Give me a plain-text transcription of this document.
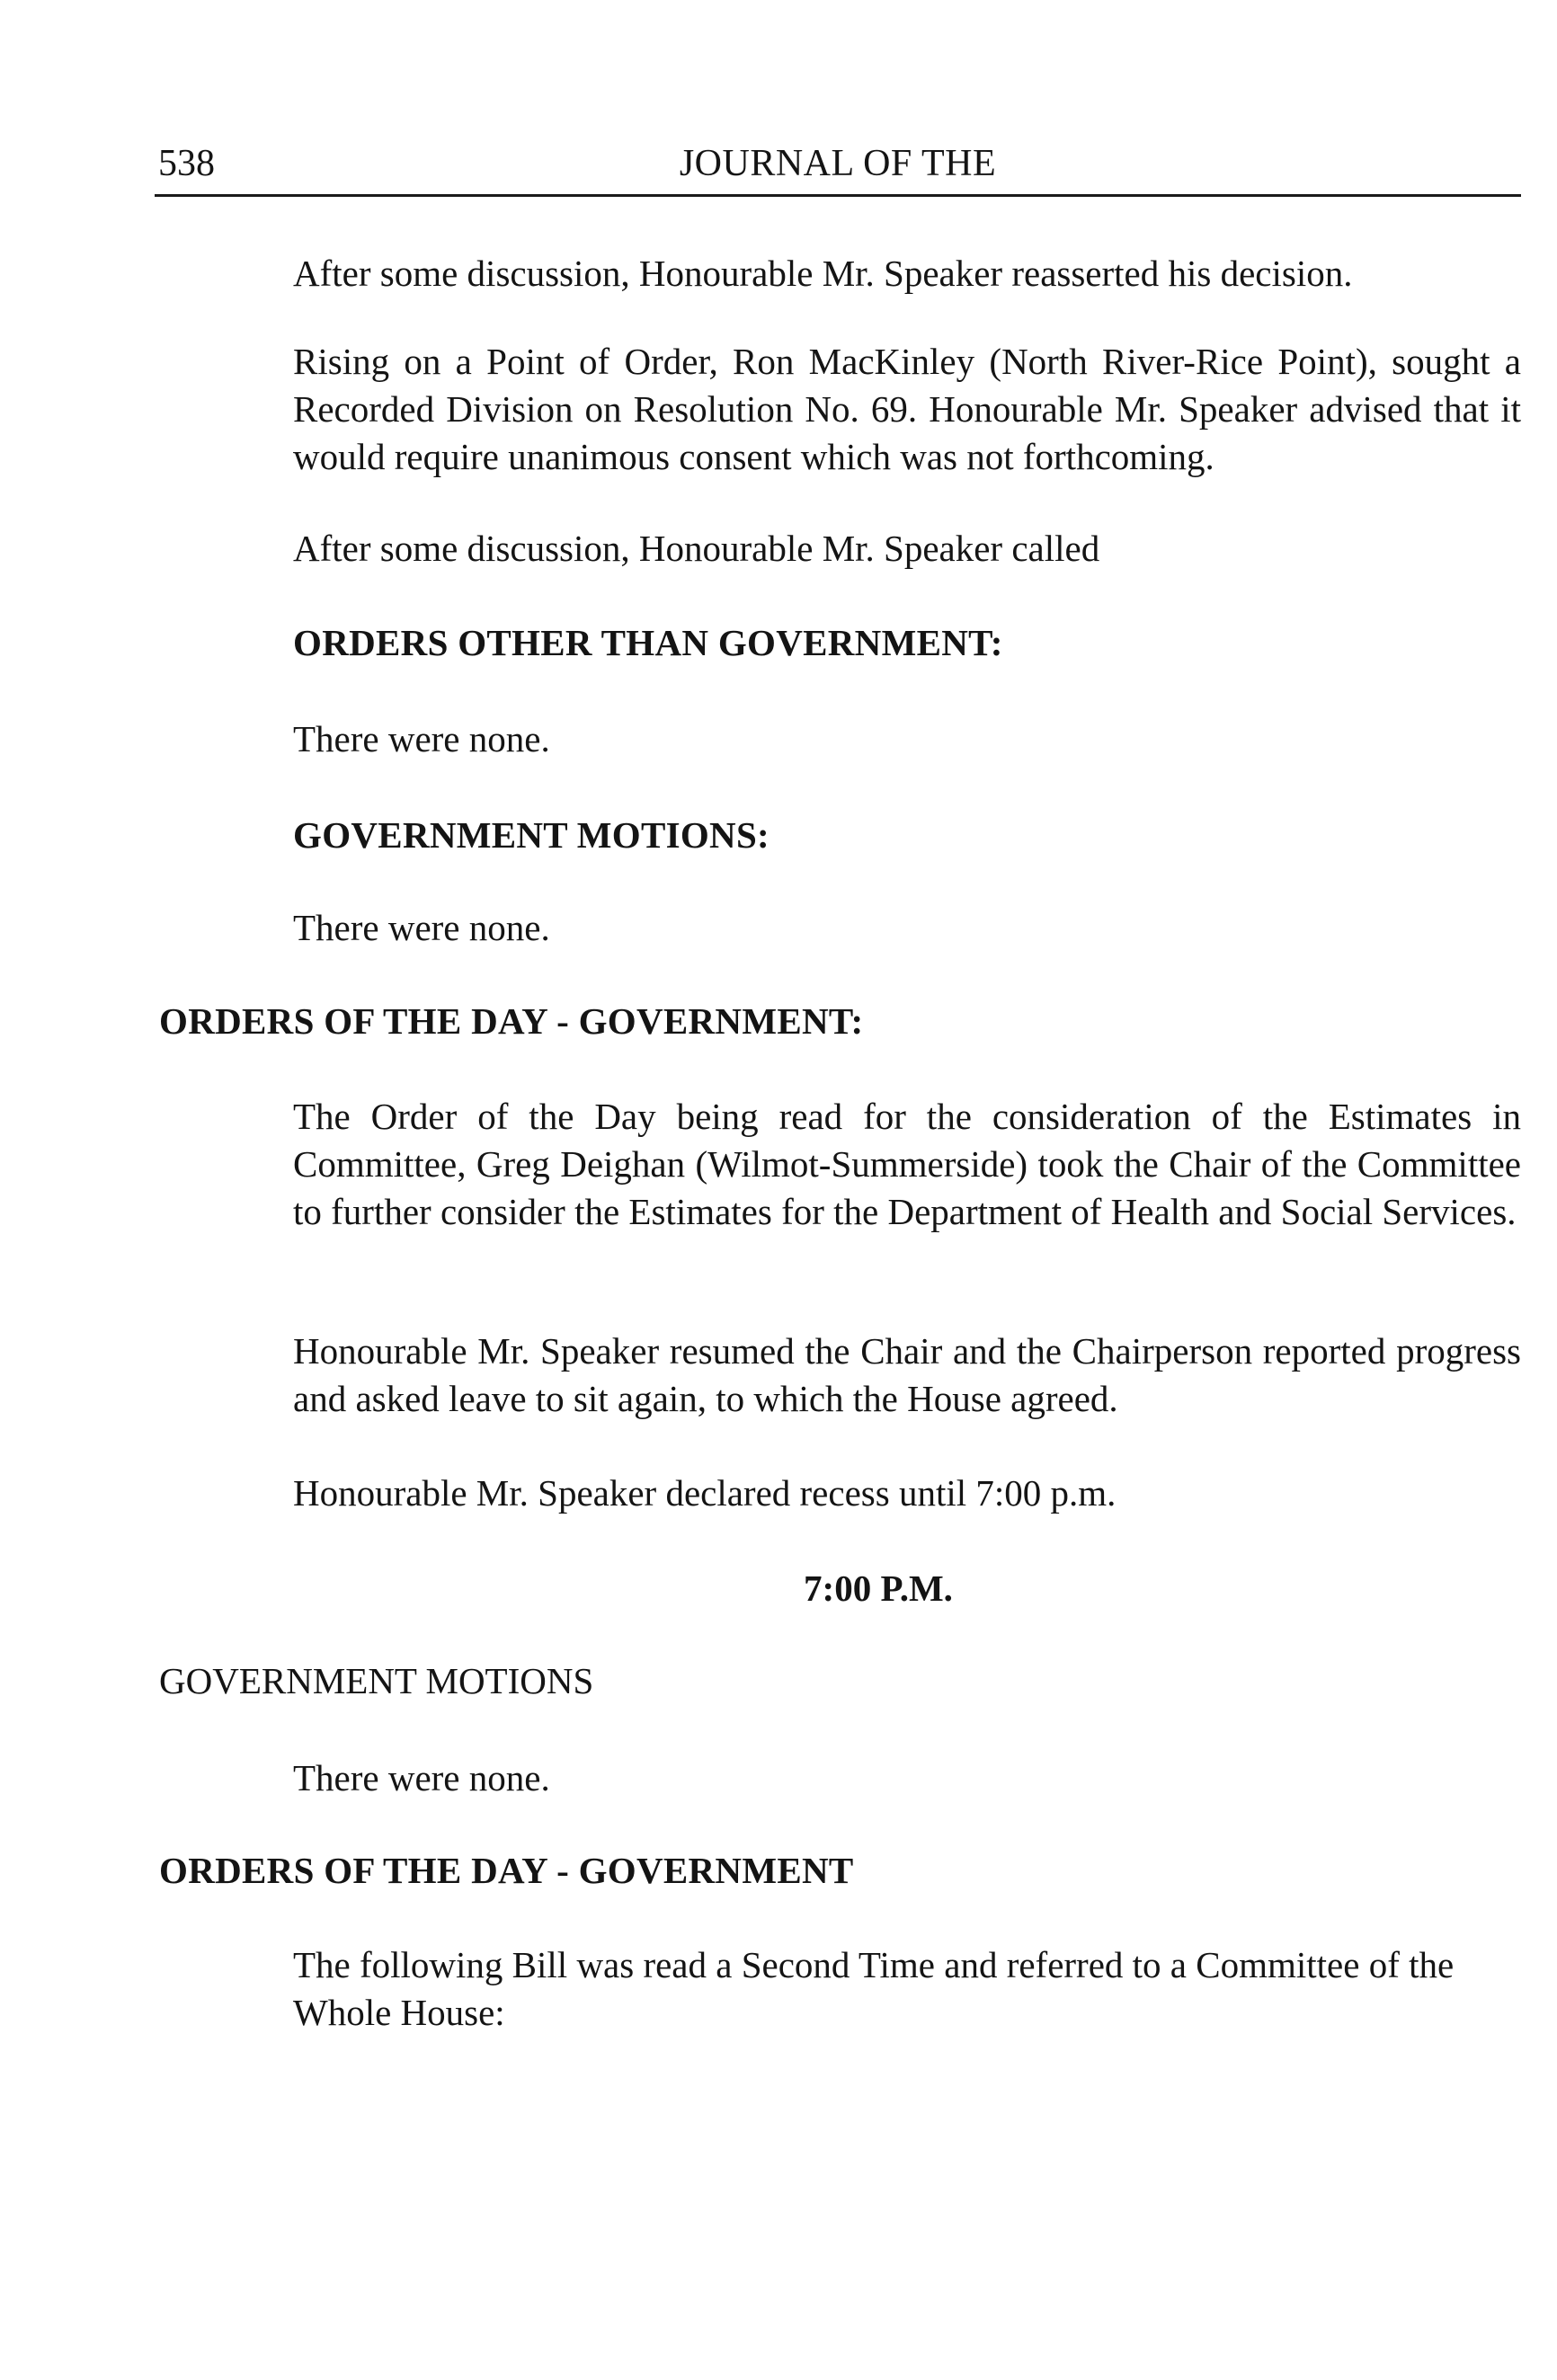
538	JOURNAL OF THE
After some discussion, Honourable Mr. Speaker reasserted his decision.
Rising on a Point of Order, Ron MacKinley (North River-Rice Point), sought a Recorded Division on Resolution No. 69. Honourable Mr. Speaker advised that it would require unanimous consent which was not forthcoming.
After some discussion, Honourable Mr. Speaker called
ORDERS OTHER THAN GOVERNMENT:
There were none.
GOVERNMENT MOTIONS:
There were none.
ORDERS OF THE DAY - GOVERNMENT:
The Order of the Day being read for the consideration of the Estimates in Committee, Greg Deighan (Wilmot-Summerside) took the Chair of the Committee to further consider the Estimates for the Department of Health and Social Services.
Honourable Mr. Speaker resumed the Chair and the Chairperson reported progress and asked leave to sit again, to which the House agreed.
Honourable Mr. Speaker declared recess until 7:00 p.m.
7:00 P.M.
GOVERNMENT MOTIONS
There were none.
ORDERS OF THE DAY - GOVERNMENT
The following Bill was read a Second Time and referred to a Committee of the Whole House:
